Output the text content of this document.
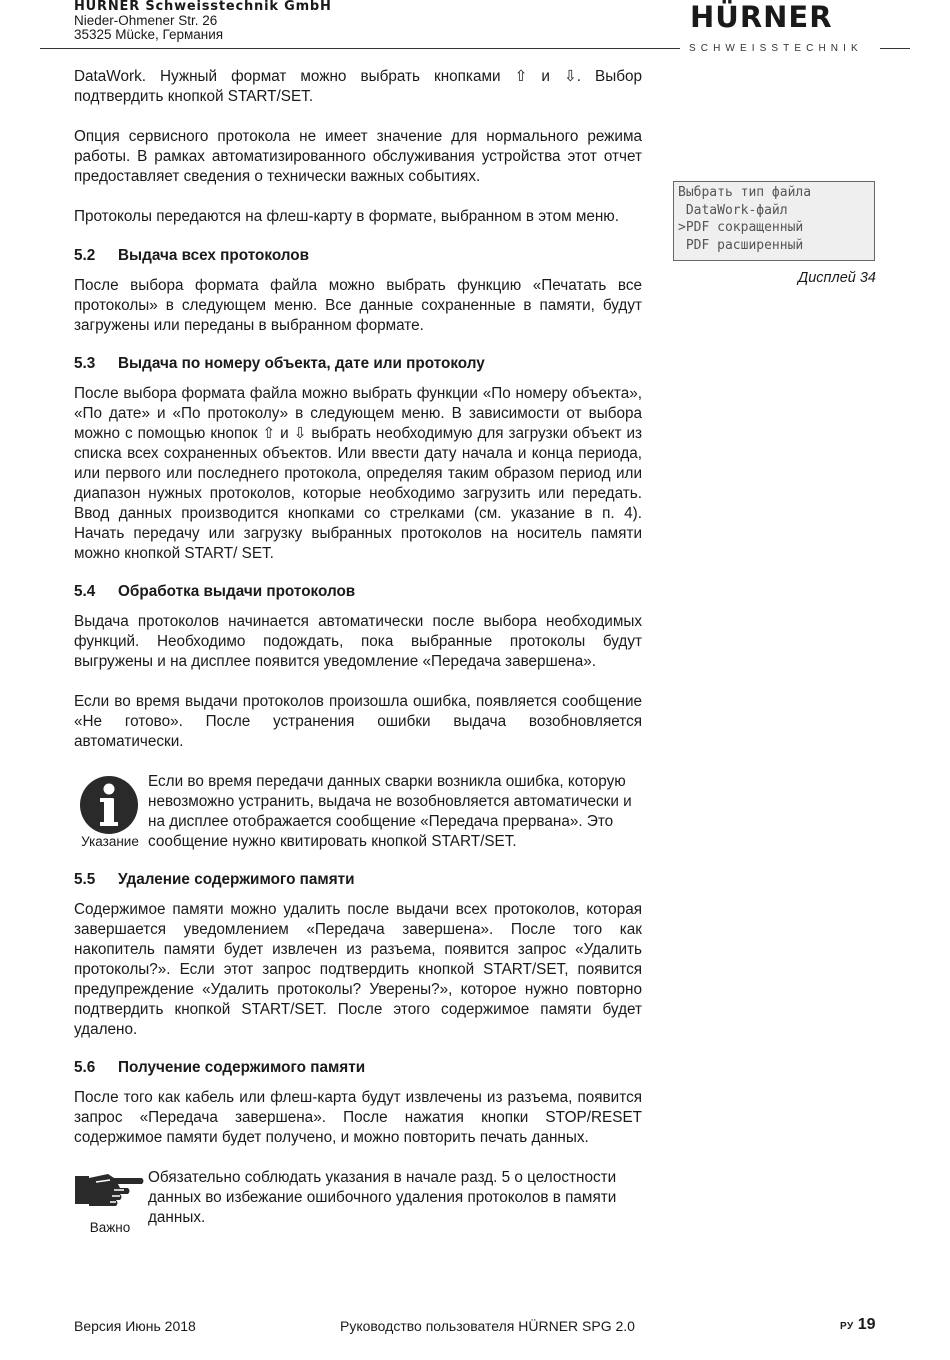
HÜRNER Schweisstechnik GmbH
Nieder-Ohmener Str. 26
35325 Mücke, Германия
HÜRNER
SCHWEISSTECHNIK
DataWork. Нужный формат можно выбрать кнопками ⇧ и ⇩. Выбор подтвердить кнопкой START/SET.
Опция сервисного протокола не имеет значение для нормального режима работы. В рамках автоматизированного обслуживания устройства этот отчет предоставляет сведения о технически важных событиях.
Протоколы передаются на флеш-карту в формате, выбранном в этом меню.
Выбрать тип файла
DataWork-файл
>PDF сокращенный
PDF расширенный
Дисплей 34
5.2 Выдача всех протоколов
После выбора формата файла можно выбрать функцию «Печатать все протоколы» в следующем меню. Все данные сохраненные в памяти, будут загружены или переданы в выбранном формате.
5.3 Выдача по номеру объекта, дате или протоколу
После выбора формата файла можно выбрать функции «По номеру объекта», «По дате» и «По протоколу» в следующем меню. В зависимости от выбора можно с помощью кнопок ⇧ и ⇩ выбрать необходимую для загрузки объект из списка всех сохраненных объектов. Или ввести дату начала и конца периода, или первого или последнего протокола, определяя таким образом период или диапазон нужных протоколов, которые необходимо загрузить или передать. Ввод данных производится кнопками со стрелками (см. указание в п. 4). Начать передачу или загрузку выбранных протоколов на носитель памяти можно кнопкой START/ SET.
5.4 Обработка выдачи протоколов
Выдача протоколов начинается автоматически после выбора необходимых функций. Необходимо подождать, пока выбранные протоколы будут выгружены и на дисплее появится уведомление «Передача завершена».
Если во время выдачи протоколов произошла ошибка, появляется сообщение «Не готово». После устранения ошибки выдача возобновляется автоматически.
Указание
Если во время передачи данных сварки возникла ошибка, которую невозможно устранить, выдача не возобновляется автоматически и на дисплее отображается сообщение «Передача прервана». Это сообщение нужно квитировать кнопкой START/SET.
5.5 Удаление содержимого памяти
Содержимое памяти можно удалить после выдачи всех протоколов, которая завершается уведомлением «Передача завершена». После того как накопитель памяти будет извлечен из разъема, появится запрос «Удалить протоколы?». Если этот запрос подтвердить кнопкой START/SET, появится предупреждение «Удалить протоколы? Уверены?», которое нужно повторно подтвердить кнопкой START/SET. После этого содержимое памяти будет удалено.
5.6 Получение содержимого памяти
После того как кабель или флеш-карта будут извлечены из разъема, появится запрос «Передача завершена». После нажатия кнопки STOP/RESET содержимое памяти будет получено, и можно повторить печать данных.
Важно
Обязательно соблюдать указания в начале разд. 5 о целостности данных во избежание ошибочного удаления протоколов в памяти данных.
Версия Июнь 2018	Руководство пользователя HÜRNER SPG 2.0	РУ 19
